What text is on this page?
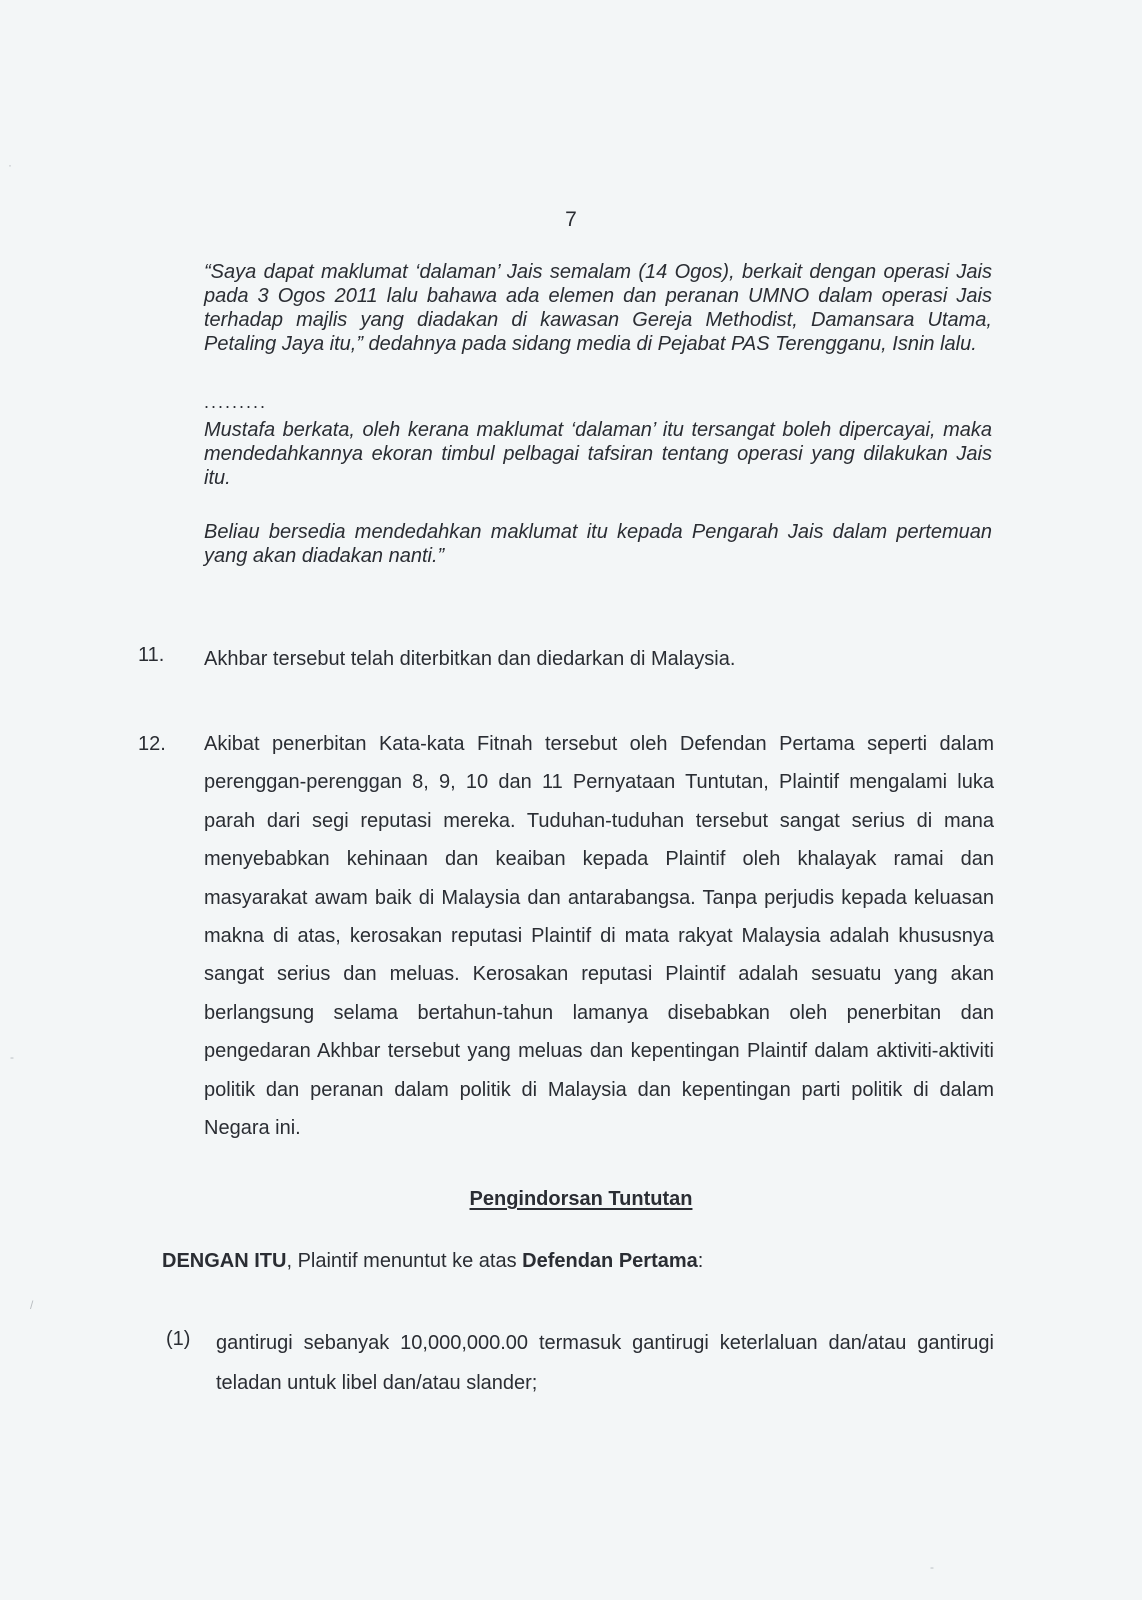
7

“Saya dapat maklumat ‘dalaman’ Jais semalam (14 Ogos), berkait dengan operasi Jais pada 3 Ogos 2011 lalu bahawa ada elemen dan peranan UMNO dalam operasi Jais terhadap majlis yang diadakan di kawasan Gereja Methodist, Damansara Utama, Petaling Jaya itu,” dedahnya pada sidang media di Pejabat PAS Terengganu, Isnin lalu.

.........

Mustafa berkata, oleh kerana maklumat ‘dalaman’ itu tersangat boleh dipercayai, maka mendedahkannya ekoran timbul pelbagai tafsiran tentang operasi yang dilakukan Jais itu.

Beliau bersedia mendedahkan maklumat itu kepada Pengarah Jais dalam pertemuan yang akan diadakan nanti.”

11. Akhbar tersebut telah diterbitkan dan diedarkan di Malaysia.
12. Akibat penerbitan Kata-kata Fitnah tersebut oleh Defendan Pertama seperti dalam perenggan-perenggan 8, 9, 10 dan 11 Pernyataan Tuntutan, Plaintif mengalami luka parah dari segi reputasi mereka. Tuduhan-tuduhan tersebut sangat serius di mana menyebabkan kehinaan dan keaiban kepada Plaintif oleh khalayak ramai dan masyarakat awam baik di Malaysia dan antarabangsa. Tanpa perjudis kepada keluasan makna di atas, kerosakan reputasi Plaintif di mata rakyat Malaysia adalah khususnya sangat serius dan meluas. Kerosakan reputasi Plaintif adalah sesuatu yang akan berlangsung selama bertahun-tahun lamanya disebabkan oleh penerbitan dan pengedaran Akhbar tersebut yang meluas dan kepentingan Plaintif dalam aktiviti-aktiviti politik dan peranan dalam politik di Malaysia dan kepentingan parti politik di dalam Negara ini.
Pengindorsan Tuntutan
DENGAN ITU, Plaintif menuntut ke atas Defendan Pertama:
(1) gantirugi sebanyak 10,000,000.00 termasuk gantirugi keterlaluan dan/atau gantirugi teladan untuk libel dan/atau slander;
·
-
/
-
